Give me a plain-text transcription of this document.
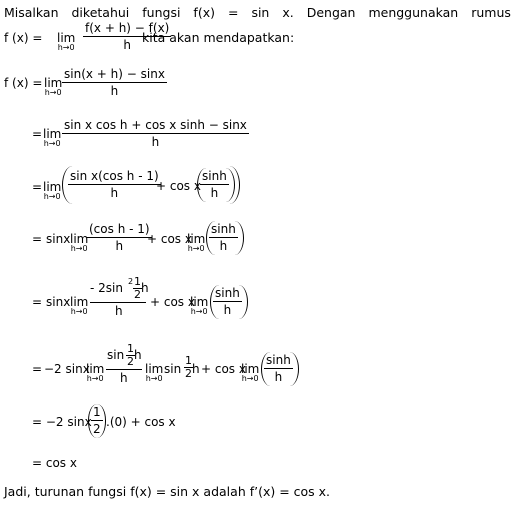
Misalkan diketahui fungsi f(x) = sin x. Dengan menggunakan rumus
f (x) = lim
$h\to 0 \frac{f(x + h) - f(x)}{h}$
kita akan mendapatkan:
f (x) = lim
$h\to 0 \frac{\sin(x + h) - \sin x}{h}$
= lim
$h\to 0 \frac{\text{sin x cos h + cos x sinh − sinx}}{h}$
= lim
$h\to 0 \frac{\text{sin x(cos h - 1)}}{h}$
+ cos x $\frac{\sinh}{h}$
= sinx lim
$h\to 0 \frac{\text{(cos h - 1)}}{h}$
+ cos x
lim
$h\to 0 \frac{\sinh}{h}$
= sinx lim
h→0
- 2sin $2 \frac{1}{2}$ h
h
+ cos x
lim
$h\to 0 \frac{\sinh}{h}$
= −2 sinx
lim
h→0
$\sin \frac{1}{2}$ h
h
lim
h→0
$\sin \frac{1}{2}$ h + cos x
lim
$h\to 0 \frac{\sinh}{h}$
= −2 sinx $\frac{1}{2} .(0) + \cos x$
= cos x
Jadi, turunan fungsi f(x) = sin x adalah f’(x) = cos x.
